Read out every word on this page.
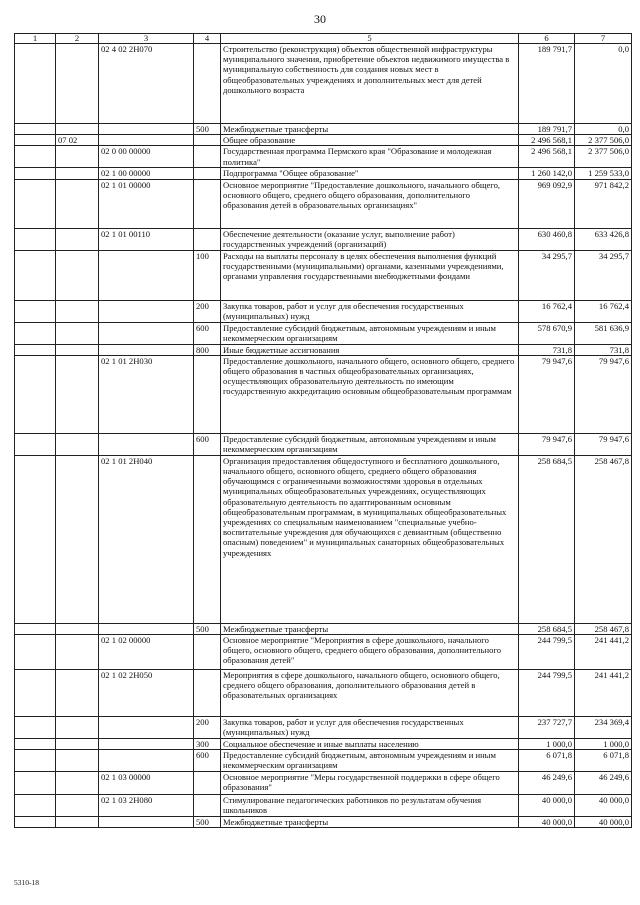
30
1	2	3	4	5	6	7
		02 4 02 2Н070		Строительство (реконструкция) объектов общественной инфраструктуры муниципального значения, приобретение объектов недвижимого имущества в муниципальную собственность для создания новых мест в общеобразовательных учреждениях и дополнительных мест для детей дошкольного возраста	189 791,7	0,0
			500	Межбюджетные трансферты	189 791,7	0,0
	07 02			Общее образование	2 496 568,1	2 377 506,0
		02 0 00 00000		Государственная программа Пермского края "Образование и молодежная политика"	2 496 568,1	2 377 506,0
		02 1 00 00000		Подпрограмма "Общее образование"	1 260 142,0	1 259 533,0
		02 1 01 00000		Основное мероприятие "Предоставление дошкольного, начального общего, основного общего, среднего общего образования, дополнительного образования детей в образовательных организациях"	969 092,9	971 842,2
		02 1 01 00110		Обеспечение деятельности (оказание услуг, выполнение работ) государственных учреждений (организаций)	630 460,8	633 426,8
			100	Расходы на выплаты персоналу в целях обеспечения выполнения функций государственными (муниципальными) органами, казенными учреждениями, органами управления государственными внебюджетными фондами	34 295,7	34 295,7
			200	Закупка товаров, работ и услуг для обеспечения государственных (муниципальных) нужд	16 762,4	16 762,4
			600	Предоставление субсидий бюджетным, автономным учреждениям и иным некоммерческим организациям	578 670,9	581 636,9
			800	Иные бюджетные ассигнования	731,8	731,8
		02 1 01 2Н030		Предоставление дошкольного, начального общего, основного общего, среднего общего образования в частных общеобразовательных организациях, осуществляющих образовательную деятельность по имеющим государственную аккредитацию основным общеобразовательным программам	79 947,6	79 947,6
			600	Предоставление субсидий бюджетным, автономным учреждениям и иным некоммерческим организациям	79 947,6	79 947,6
		02 1 01 2Н040		Организация предоставления общедоступного и бесплатного дошкольного, начального общего, основного общего, среднего общего образования обучающимся с ограниченными возможностями здоровья в отдельных муниципальных общеобразовательных учреждениях, осуществляющих образовательную деятельность по адаптированным основным общеобразовательным программам, в муниципальных общеобразовательных учреждениях со специальным наименованием "специальные учебно-воспитательные учреждения для обучающихся с девиантным (общественно опасным) поведением" и муниципальных санаторных общеобразовательных учреждениях	258 684,5	258 467,8
			500	Межбюджетные трансферты	258 684,5	258 467,8
		02 1 02 00000		Основное мероприятие "Мероприятия в сфере дошкольного, начального общего, основного общего, среднего общего образования, дополнительного образования детей"	244 799,5	241 441,2
		02 1 02 2Н050		Мероприятия в сфере дошкольного, начального общего, основного общего, среднего общего образования, дополнительного образования детей в образовательных организациях	244 799,5	241 441,2
			200	Закупка товаров, работ и услуг для обеспечения государственных (муниципальных) нужд	237 727,7	234 369,4
			300	Социальное обеспечение и иные выплаты населению	1 000,0	1 000,0
			600	Предоставление субсидий бюджетным, автономным учреждениям и иным некоммерческим организациям	6 071,8	6 071,8
		02 1 03 00000		Основное мероприятие "Меры государственной поддержки в сфере общего образования"	46 249,6	46 249,6
		02 1 03 2Н080		Стимулирование педагогических работников по результатам обучения школьников	40 000,0	40 000,0
			500	Межбюджетные трансферты	40 000,0	40 000,0
5310-18
